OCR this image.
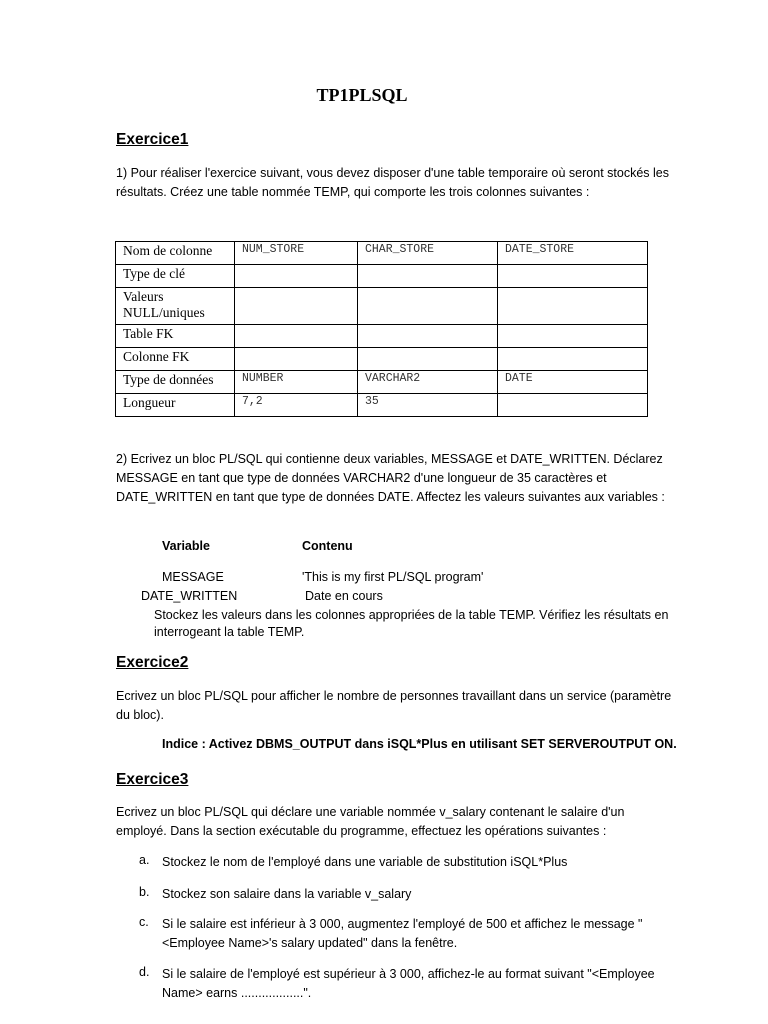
TP1PLSQL
Exercice1
1) Pour réaliser l'exercice suivant, vous devez disposer d'une table temporaire où seront stockés les résultats. Créez une table nommée TEMP, qui comporte les trois colonnes suivantes :
Nom de colonne	NUM_STORE	CHAR_STORE	DATE_STORE
Type de clé			
Valeurs NULL/uniques			
Table FK			
Colonne FK			
Type de données	NUMBER	VARCHAR2	DATE
Longueur	7,2	35	
2) Ecrivez un bloc PL/SQL qui contienne deux variables, MESSAGE et DATE_WRITTEN. Déclarez MESSAGE en tant que type de données VARCHAR2 d'une longueur de 35 caractères et DATE_WRITTEN en tant que type de données DATE. Affectez les valeurs suivantes aux variables :
Variable	Contenu
MESSAGE	'This is my first PL/SQL program'
DATE_WRITTEN	Date en cours
Stockez les valeurs dans les colonnes appropriées de la table TEMP. Vérifiez les résultats en interrogeant la table TEMP.
Exercice2
Ecrivez un bloc PL/SQL pour afficher le nombre de personnes travaillant dans un service (paramètre du bloc).
Indice : Activez DBMS_OUTPUT dans iSQL*Plus en utilisant SET SERVEROUTPUT ON.
Exercice3
Ecrivez un bloc PL/SQL qui déclare une variable nommée v_salary contenant le salaire d'un employé. Dans la section exécutable du programme, effectuez les opérations suivantes :
a. Stockez le nom de l'employé dans une variable de substitution iSQL*Plus
b. Stockez son salaire dans la variable v_salary
c. Si le salaire est inférieur à 3 000, augmentez l'employé de 500 et affichez le message "<Employee Name>'s salary updated" dans la fenêtre.
d. Si le salaire de l'employé est supérieur à 3 000, affichez-le au format suivant "<Employee Name> earns ..................".
